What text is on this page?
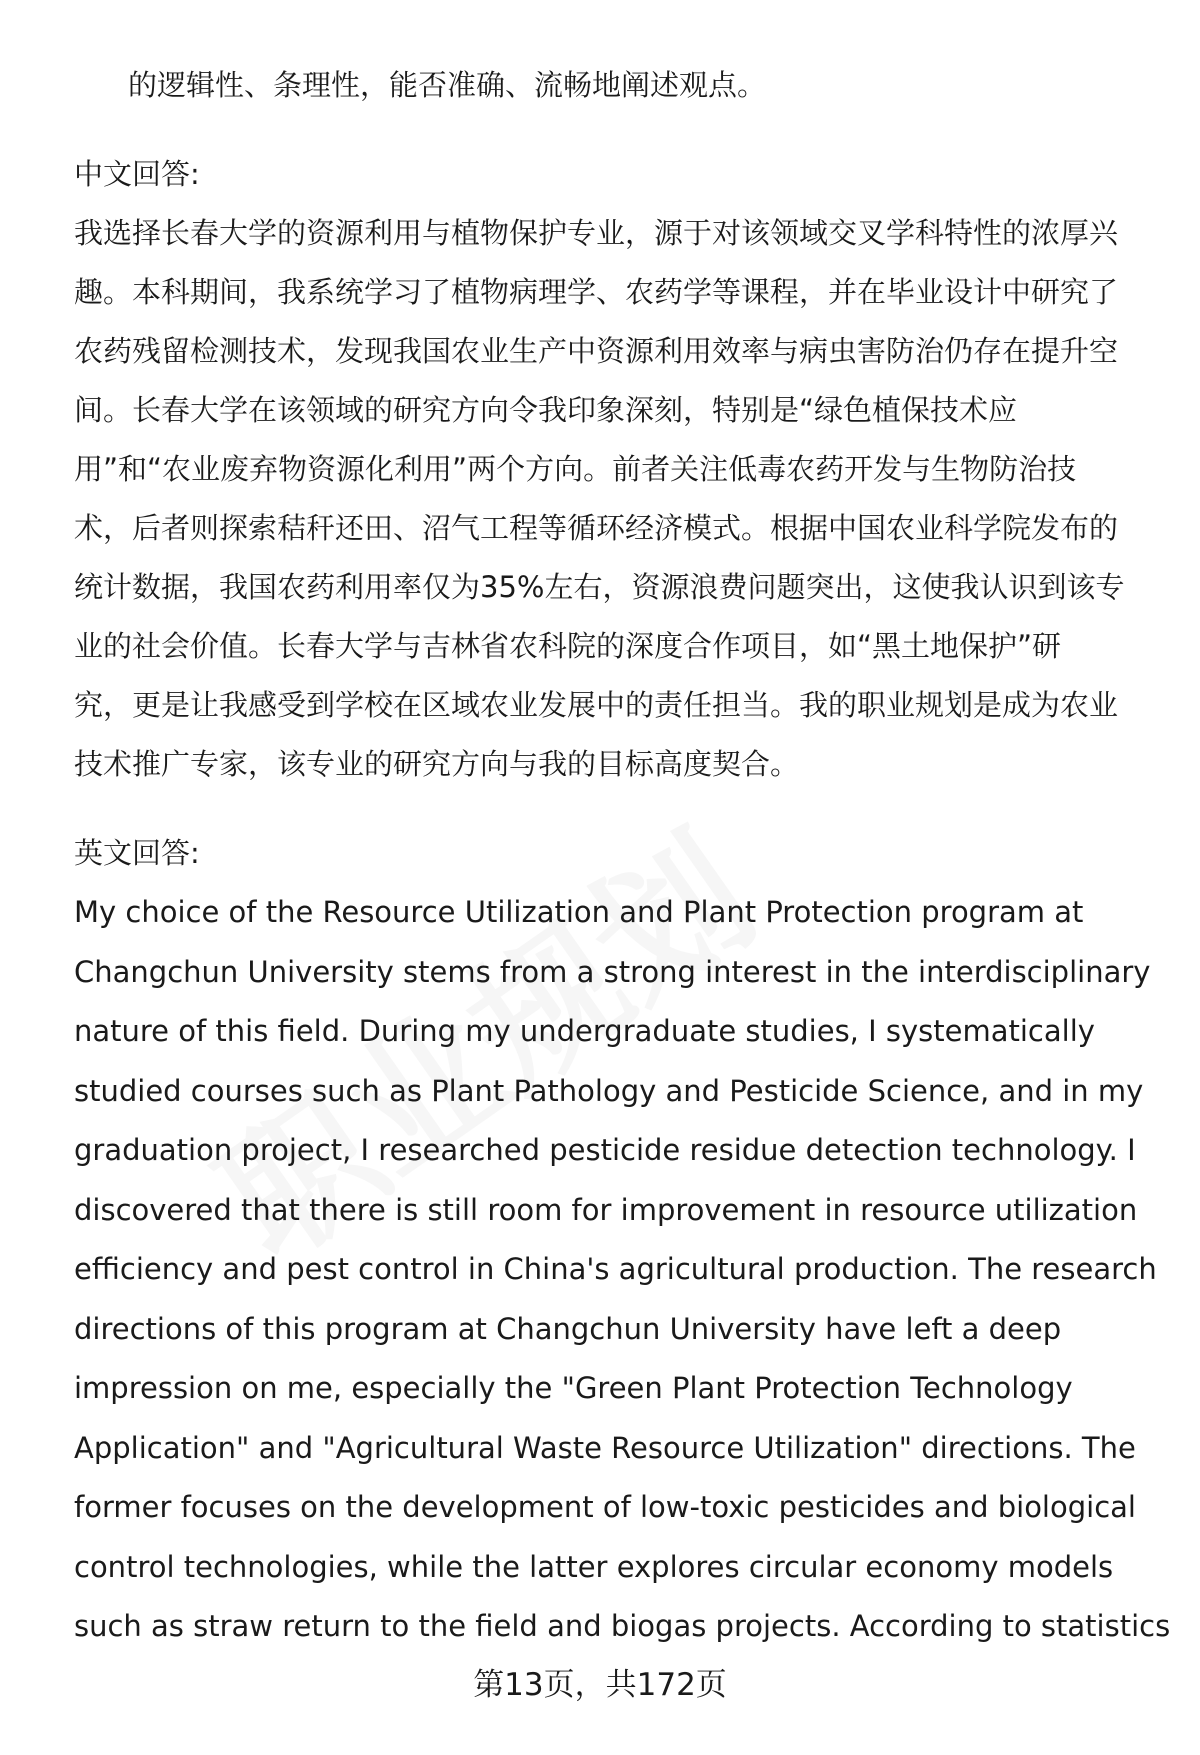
的逻辑性、条理性，能否准确、流畅地阐述观点。
中文回答:
我选择长春大学的资源利用与植物保护专业，源于对该领域交叉学科特性的浓厚兴
趣。本科期间，我系统学习了植物病理学、农药学等课程，并在毕业设计中研究了
农药残留检测技术，发现我国农业生产中资源利用效率与病虫害防治仍存在提升空
间。长春大学在该领域的研究方向令我印象深刻，特别是“绿色植保技术应
用”和“农业废弃物资源化利用”两个方向。前者关注低毒农药开发与生物防治技
术，后者则探索秸秆还田、沼气工程等循环经济模式。根据中国农业科学院发布的
统计数据，我国农药利用率仅为35%左右，资源浪费问题突出，这使我认识到该专
业的社会价值。长春大学与吉林省农科院的深度合作项目，如“黑土地保护”研
究，更是让我感受到学校在区域农业发展中的责任担当。我的职业规划是成为农业
技术推广专家，该专业的研究方向与我的目标高度契合。
英文回答:
My choice of the Resource Utilization and Plant Protection program at
Changchun University stems from a strong interest in the interdisciplinary
nature of this field. During my undergraduate studies, I systematically
studied courses such as Plant Pathology and Pesticide Science, and in my
graduation project, I researched pesticide residue detection technology. I
discovered that there is still room for improvement in resource utilization
efficiency and pest control in China's agricultural production. The research
directions of this program at Changchun University have left a deep
impression on me, especially the "Green Plant Protection Technology
Application" and "Agricultural Waste Resource Utilization" directions. The
former focuses on the development of low-toxic pesticides and biological
control technologies, while the latter explores circular economy models
such as straw return to the field and biogas projects. According to statistics
第13页，共172页
